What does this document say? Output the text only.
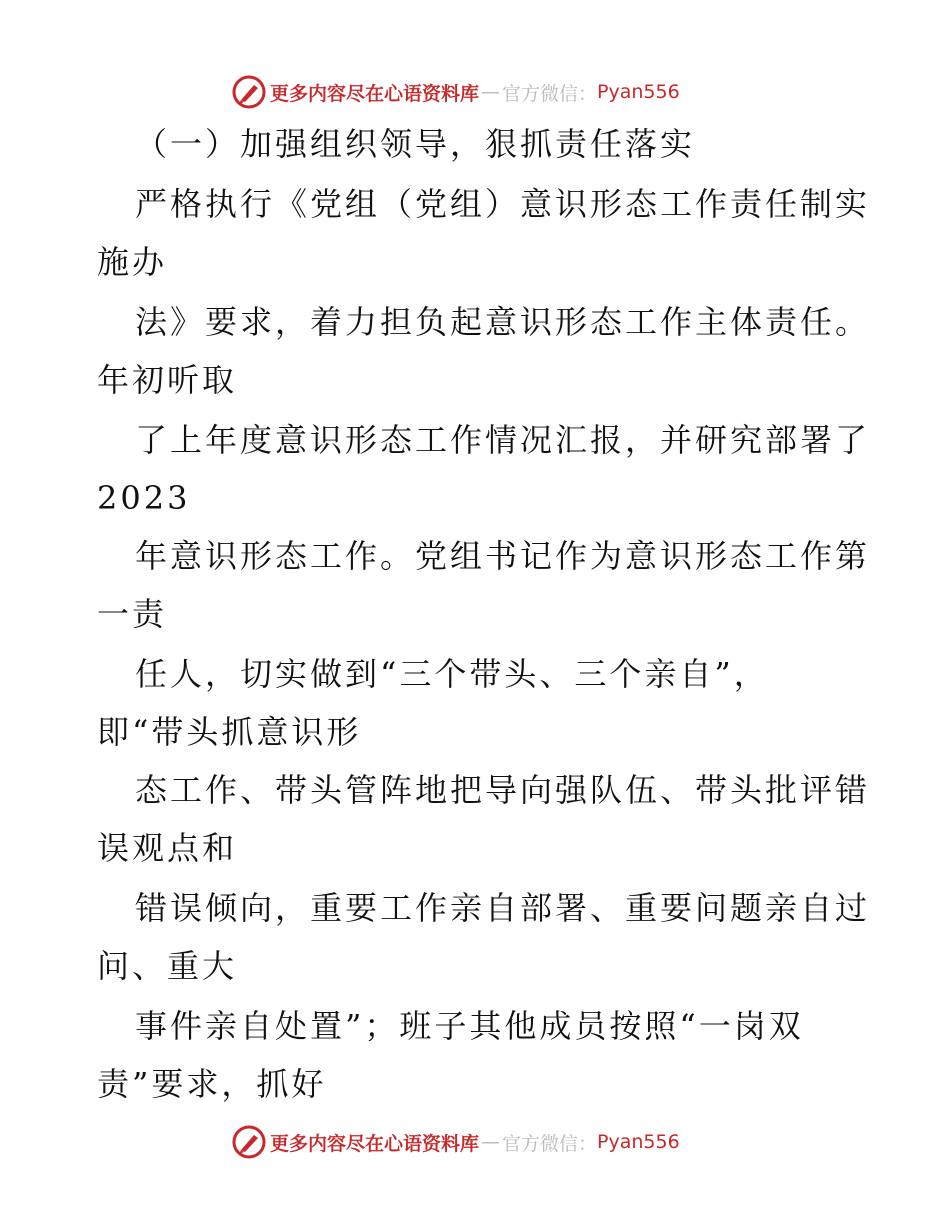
更多内容尽在心语资料库 — 官方微信： Pyan556
（一）加强组织领导，狠抓责任落实
严格执行《党组（党组）意识形态工作责任制实
施办
法》要求，着力担负起意识形态工作主体责任。
年初听取
了上年度意识形态工作情况汇报，并研究部署了
2023
年意识形态工作。党组书记作为意识形态工作第
一责
任人，切实做到“三个带头、三个亲自”，
即“带头抓意识形
态工作、带头管阵地把导向强队伍、带头批评错
误观点和
错误倾向，重要工作亲自部署、重要问题亲自过
问、重大
事件亲自处置”；班子其他成员按照“一岗双
责”要求，抓好
更多内容尽在心语资料库 — 官方微信： Pyan556
